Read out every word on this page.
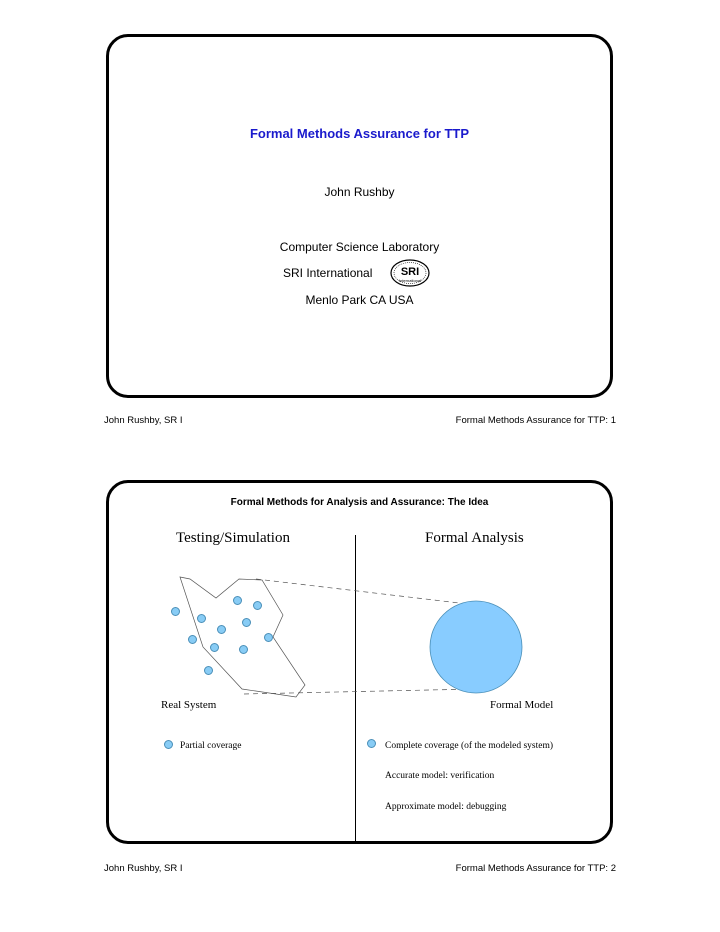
Formal Methods Assurance for TTP
John Rushby
Computer Science Laboratory
SRI International	SRI
International
Menlo Park CA USA
John Rushby, SR I	Formal Methods Assurance for TTP: 1
Formal Methods for Analysis and Assurance: The Idea
Testing/Simulation	Formal Analysis
Real System	Formal Model
Partial coverage	Complete coverage (of the modeled system)
Accurate model: verification
Approximate model: debugging
John Rushby, SR I	Formal Methods Assurance for TTP: 2
